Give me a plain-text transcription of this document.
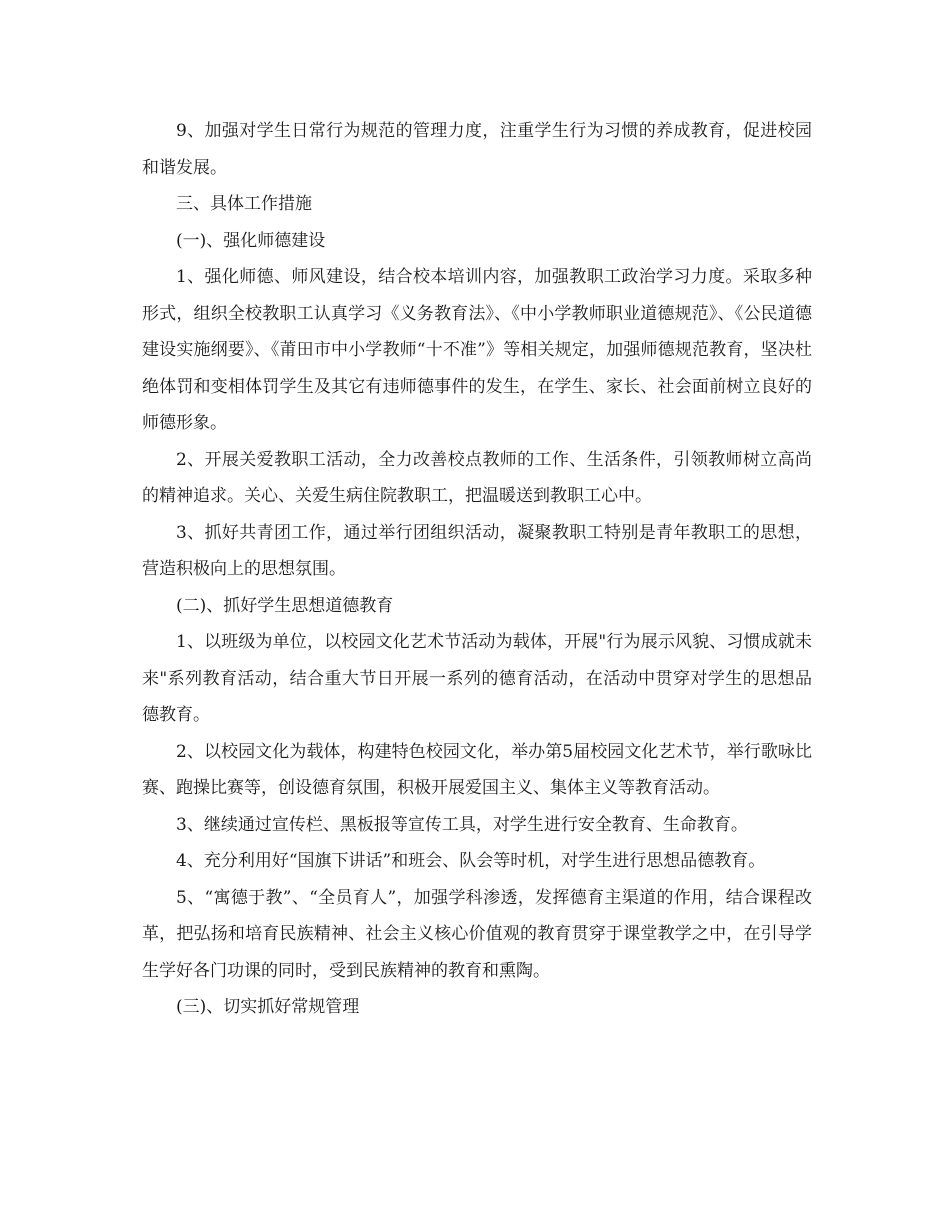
9、加强对学生日常行为规范的管理力度，注重学生行为习惯的养成教育，促进校园和谐发展。

三、具体工作措施

(一)、强化师德建设

1、强化师德、师风建设，结合校本培训内容，加强教职工政治学习力度。采取多种形式，组织全校教职工认真学习《义务教育法》、《中小学教师职业道德规范》、《公民道德建设实施纲要》、《莆田市中小学教师“十不准”》等相关规定，加强师德规范教育，坚决杜绝体罚和变相体罚学生及其它有违师德事件的发生，在学生、家长、社会面前树立良好的师德形象。

2、开展关爱教职工活动，全力改善校点教师的工作、生活条件，引领教师树立高尚的精神追求。关心、关爱生病住院教职工，把温暖送到教职工心中。

3、抓好共青团工作，通过举行团组织活动，凝聚教职工特别是青年教职工的思想，营造积极向上的思想氛围。

(二)、抓好学生思想道德教育

1、以班级为单位，以校园文化艺术节活动为载体，开展"行为展示风貌、习惯成就未来"系列教育活动，结合重大节日开展一系列的德育活动，在活动中贯穿对学生的思想品德教育。

2、以校园文化为载体，构建特色校园文化，举办第5届校园文化艺术节，举行歌咏比赛、跑操比赛等，创设德育氛围，积极开展爱国主义、集体主义等教育活动。

3、继续通过宣传栏、黑板报等宣传工具，对学生进行安全教育、生命教育。

4、充分利用好“国旗下讲话”和班会、队会等时机，对学生进行思想品德教育。

5、“寓德于教”、“全员育人”，加强学科渗透，发挥德育主渠道的作用，结合课程改革，把弘扬和培育民族精神、社会主义核心价值观的教育贯穿于课堂教学之中，在引导学生学好各门功课的同时，受到民族精神的教育和熏陶。

(三)、切实抓好常规管理
